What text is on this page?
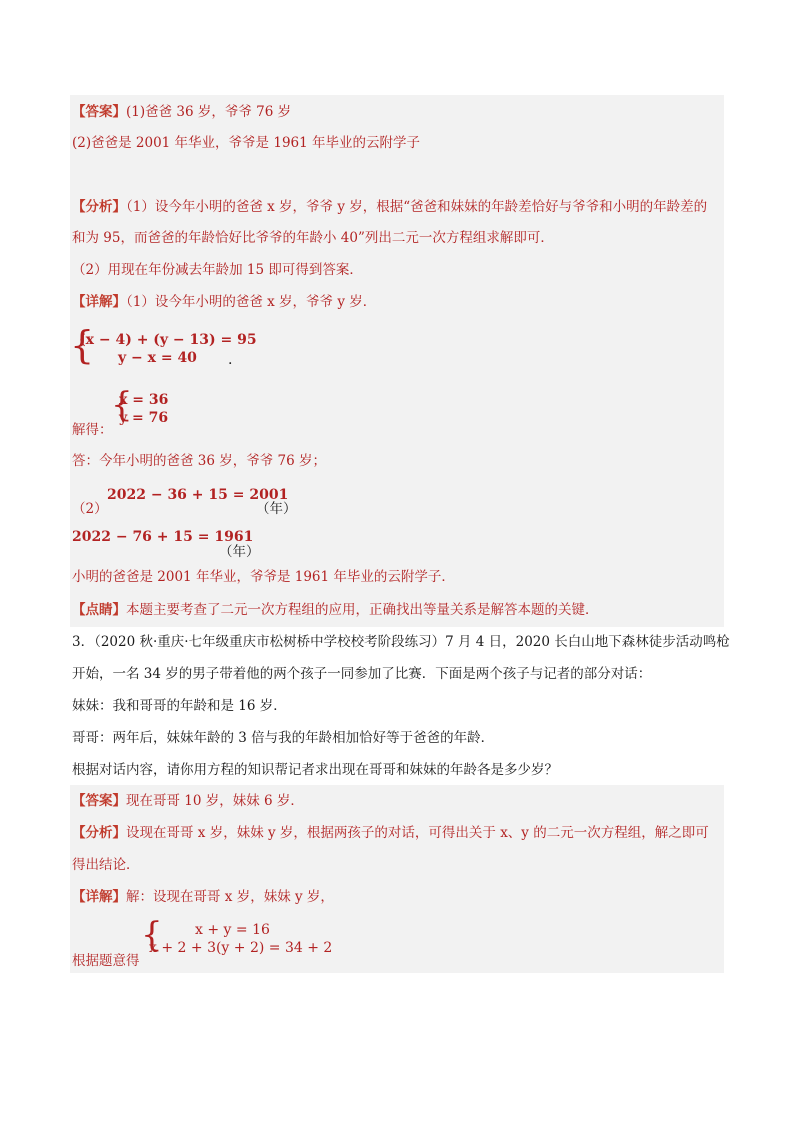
【答案】(1)爸爸 36 岁，爷爷 76 岁
(2)爸爸是 2001 年华业，爷爷是 1961 年毕业的云附学子
【分析】（1）设今年小明的爸爸 x 岁，爷爷 y 岁，根据“爸爸和妹妹的年龄差恰好与爷爷和小明的年龄差的
和为 95，而爸爸的年龄恰好比爷爷的年龄小 40”列出二元一次方程组求解即可．
（2）用现在年份减去年龄加 15 即可得到答案．
【详解】（1）设今年小明的爸爸 x 岁，爷爷 y 岁．
{
(x − 4) + (y − 13) = 95
y − x = 40 .
解得：
{
x = 36
y = 76
答：今年小明的爸爸 36 岁，爷爷 76 岁；
（2）
2022 − 36 + 15 = 2001
（年）
2022 − 76 + 15 = 1961
（年）
小明的爸爸是 2001 年华业，爷爷是 1961 年毕业的云附学子．
【点睛】本题主要考查了二元一次方程组的应用，正确找出等量关系是解答本题的关键．
3．（2020 秋·重庆·七年级重庆市松树桥中学校校考阶段练习）7 月 4 日，2020 长白山地下森林徒步活动鸣枪
开始，一名 34 岁的男子带着他的两个孩子一同参加了比赛．下面是两个孩子与记者的部分对话：
妹妹：我和哥哥的年龄和是 16 岁．
哥哥：两年后，妹妹年龄的 3 倍与我的年龄相加恰好等于爸爸的年龄．
根据对话内容，请你用方程的知识帮记者求出现在哥哥和妹妹的年龄各是多少岁？
【答案】现在哥哥 10 岁，妹妹 6 岁．
【分析】设现在哥哥 x 岁，妹妹 y 岁，根据两孩子的对话，可得出关于 x、y 的二元一次方程组，解之即可
得出结论．
【详解】解：设现在哥哥 x 岁，妹妹 y 岁，
根据题意得
{ x + y = 16
x + 2 + 3(y + 2) = 34 + 2
